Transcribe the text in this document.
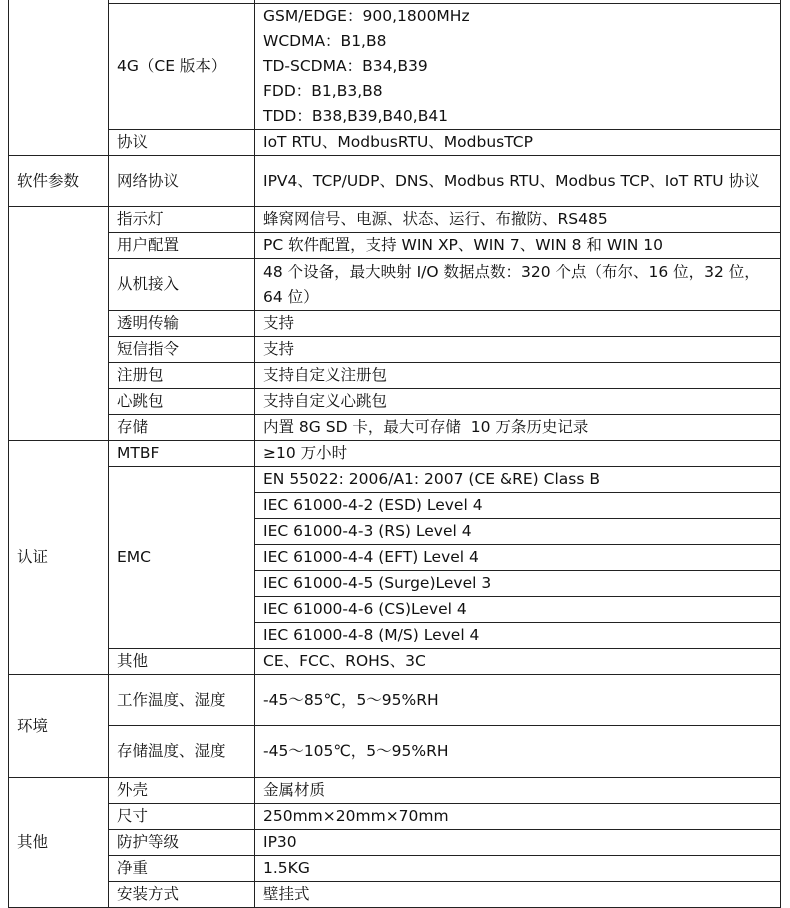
	4G（CE 版本）	GSM/EDGE：900,1800MHz
WCDMA：B1,B8
TD-SCDMA：B34,B39
FDD：B1,B3,B8
TDD：B38,B39,B40,B41
	协议	IoT RTU、ModbusRTU、ModbusTCP
软件参数	网络协议	IPV4、TCP/UDP、DNS、Modbus RTU、Modbus TCP、IoT RTU 协议
	指示灯	蜂窝网信号、电源、状态、运行、布撤防、RS485
	用户配置	PC 软件配置，支持 WIN XP、WIN 7、WIN 8 和 WIN 10
	从机接入	48 个设备，最大映射 I/O 数据点数：320 个点（布尔、16 位，32 位，64 位）
	透明传输	支持
	短信指令	支持
	注册包	支持自定义注册包
	心跳包	支持自定义心跳包
	存储	内置 8G SD 卡，最大可存储  10 万条历史记录
认证	MTBF	≥10 万小时
	EMC	EN 55022: 2006/A1: 2007 (CE &RE) Class B
		IEC 61000-4-2 (ESD) Level 4
		IEC 61000-4-3 (RS) Level 4
		IEC 61000-4-4 (EFT) Level 4
		IEC 61000-4-5 (Surge)Level 3
		IEC 61000-4-6 (CS)Level 4
		IEC 61000-4-8 (M/S) Level 4
	其他	CE、FCC、ROHS、3C
环境	工作温度、湿度	-45～85℃，5～95%RH
	存储温度、湿度	-45～105℃，5～95%RH
其他	外壳	金属材质
	尺寸	250mm×20mm×70mm
	防护等级	IP30
	净重	1.5KG
	安装方式	壁挂式
